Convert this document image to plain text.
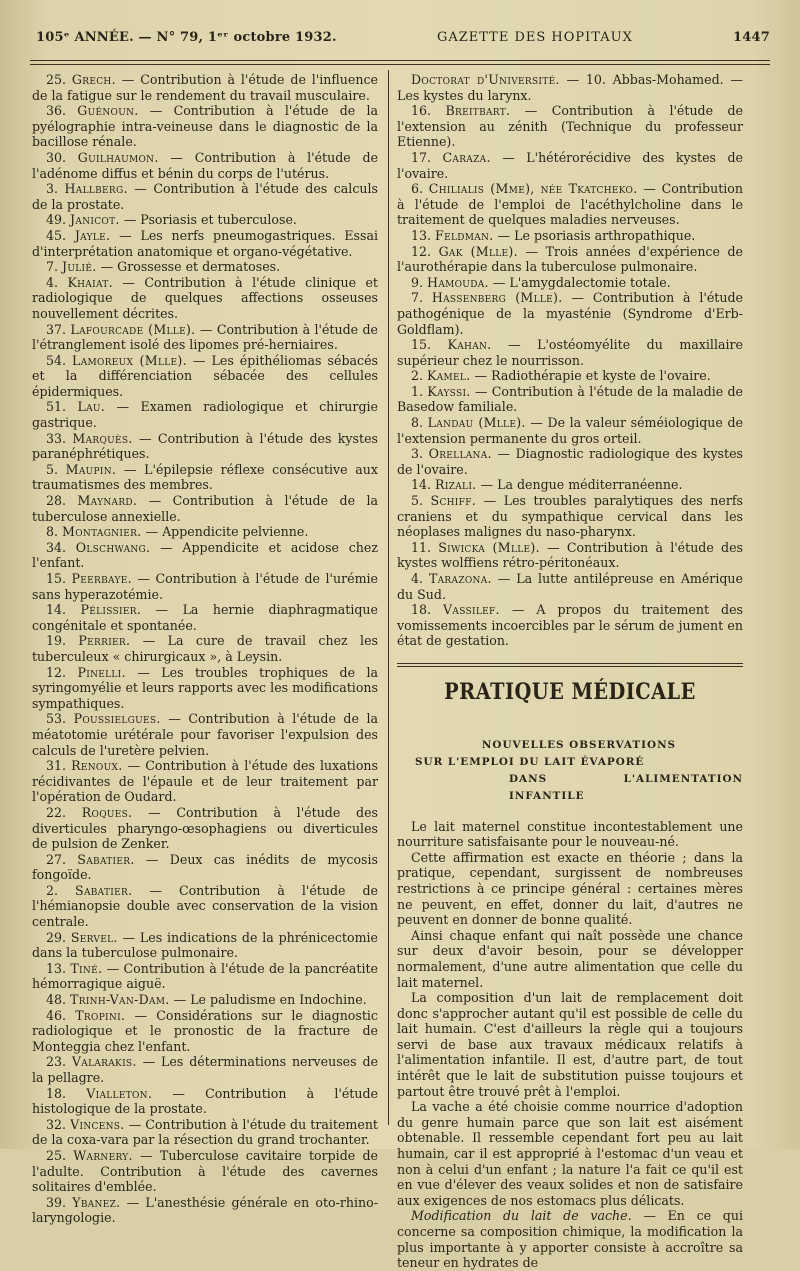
105ᵉ ANNÉE. — N° 79, 1ᵉʳ octobre 1932.	GAZETTE DES HOPITAUX	1447

25. Grech. — Contribution à l'étude de l'influence de la fatigue sur le rendement du travail musculaire.

36. Guénoun. — Contribution à l'étude de la pyélographie intra-veineuse dans le diagnostic de la bacillose rénale.

30. Guilhaumon. — Contribution à l'étude de l'adénome diffus et bénin du corps de l'utérus.

3. Hallberg. — Contribution à l'étude des calculs de la prostate.

49. Janicot. — Psoriasis et tuberculose.

45. Jayle. — Les nerfs pneumogastriques. Essai d'interprétation anatomique et organo-végétative.

7. Julié. — Grossesse et dermatoses.

4. Khaiat. — Contribution à l'étude clinique et radiologique de quelques affections osseuses nouvellement décrites.

37. Lafourcade (Mlle). — Contribution à l'étude de l'étranglement isolé des lipomes pré-herniaires.

54. Lamoreux (Mlle). — Les épithéliomas sébacés et la différenciation sébacée des cellules épidermiques.

51. Lau. — Examen radiologique et chirurgie gastrique.

33. Marquès. — Contribution à l'étude des kystes paranéphrétiques.

5. Maupin. — L'épilepsie réflexe consécutive aux traumatismes des membres.

28. Maynard. — Contribution à l'étude de la tuberculose annexielle.

8. Montagnier. — Appendicite pelvienne.

34. Olschwang. — Appendicite et acidose chez l'enfant.

15. Peerbaye. — Contribution à l'étude de l'urémie sans hyperazotémie.

14. Pélissier. — La hernie diaphragmatique congénitale et spontanée.

19. Perrier. — La cure de travail chez les tuberculeux « chirurgicaux », à Leysin.

12. Pinelli. — Les troubles trophiques de la syringomyélie et leurs rapports avec les modifications sympathiques.

53. Poussielgues. — Contribution à l'étude de la méatotomie urétérale pour favoriser l'expulsion des calculs de l'uretère pelvien.

31. Renoux. — Contribution à l'étude des luxations récidivantes de l'épaule et de leur traitement par l'opération de Oudard.

22. Roques. — Contribution à l'étude des diverticules pharyngo-œsophagiens ou diverticules de pulsion de Zenker.

27. Sabatier. — Deux cas inédits de mycosis fongoïde.

2. Sabatier. — Contribution à l'étude de l'hémianopsie double avec conservation de la vision centrale.

29. Servel. — Les indications de la phrénicectomie dans la tuberculose pulmonaire.

13. Tiné. — Contribution à l'étude de la pancréatite hémorragique aiguë.

48. Trinh-Van-Dam. — Le paludisme en Indochine.

46. Tropini. — Considérations sur le diagnostic radiologique et le pronostic de la fracture de Monteggia chez l'enfant.

23. Valarakis. — Les déterminations nerveuses de la pellagre.

18. Vialleton. — Contribution à l'étude histologique de la prostate.

32. Vincens. — Contribution à l'étude du traitement de la coxa-vara par la résection du grand trochanter.

25. Warnery. — Tuberculose cavitaire torpide de l'adulte. Contribution à l'étude des cavernes solitaires d'emblée.

39. Ybanez. — L'anesthésie générale en oto-rhino-laryngologie.

Doctorat d'Université. — 10. Abbas-Mohamed. — Les kystes du larynx.

16. Breitbart. — Contribution à l'étude de l'extension au zénith (Technique du professeur Etienne).

17. Caraza. — L'hétérorécidive des kystes de l'ovaire.

6. Chilialis (Mme), née Tkatcheko. — Contribution à l'étude de l'emploi de l'acéthylcholine dans le traitement de quelques maladies nerveuses.

13. Feldman. — Le psoriasis arthropathique.

12. Gak (Mlle). — Trois années d'expérience de l'aurothérapie dans la tuberculose pulmonaire.

9. Hamouda. — L'amygdalectomie totale.

7. Hassenberg (Mlle). — Contribution à l'étude pathogénique de la myasténie (Syndrome d'Erb-Goldflam).

15. Kahan. — L'ostéomyélite du maxillaire supérieur chez le nourrisson.

2. Kamel. — Radiothérapie et kyste de l'ovaire.

1. Kayssi. — Contribution à l'étude de la maladie de Basedow familiale.

8. Landau (Mlle). — De la valeur séméiologique de l'extension permanente du gros orteil.

3. Orellana. — Diagnostic radiologique des kystes de l'ovaire.

14. Rizali. — La dengue méditerranéenne.

5. Schiff. — Les troubles paralytiques des nerfs craniens et du sympathique cervical dans les néoplases malignes du naso-pharynx.

11. Siwicka (Mlle). — Contribution à l'étude des kystes wolffiens rétro-péritonéaux.

4. Tarazona. — La lutte antilépreuse en Amérique du Sud.

18. Vassilef. — A propos du traitement des vomissements incoercibles par le sérum de jument en état de gestation.

PRATIQUE MÉDICALE
NOUVELLES OBSERVATIONS
SUR L'EMPLOI DU LAIT ÉVAPORÉ
DANS L'ALIMENTATION INFANTILE

Le lait maternel constitue incontestablement une nourriture satisfaisante pour le nouveau-né.

Cette affirmation est exacte en théorie ; dans la pratique, cependant, surgissent de nombreuses restrictions à ce principe général : certaines mères ne peuvent, en effet, donner du lait, d'autres ne peuvent en donner de bonne qualité.

Ainsi chaque enfant qui naît possède une chance sur deux d'avoir besoin, pour se développer normalement, d'une autre alimentation que celle du lait maternel.

La composition d'un lait de remplacement doit donc s'approcher autant qu'il est possible de celle du lait humain. C'est d'ailleurs la règle qui a toujours servi de base aux travaux médicaux relatifs à l'alimentation infantile. Il est, d'autre part, de tout intérêt que le lait de substitution puisse toujours et partout être trouvé prêt à l'emploi.

La vache a été choisie comme nourrice d'adoption du genre humain parce que son lait est aisément obtenable. Il ressemble cependant fort peu au lait humain, car il est approprié à l'estomac d'un veau et non à celui d'un enfant ; la nature l'a fait ce qu'il est en vue d'élever des veaux solides et non de satisfaire aux exigences de nos estomacs plus délicats.

Modification du lait de vache. — En ce qui concerne sa composition chimique, la modification la plus importante à y apporter consiste à accroître sa teneur en hydrates de
